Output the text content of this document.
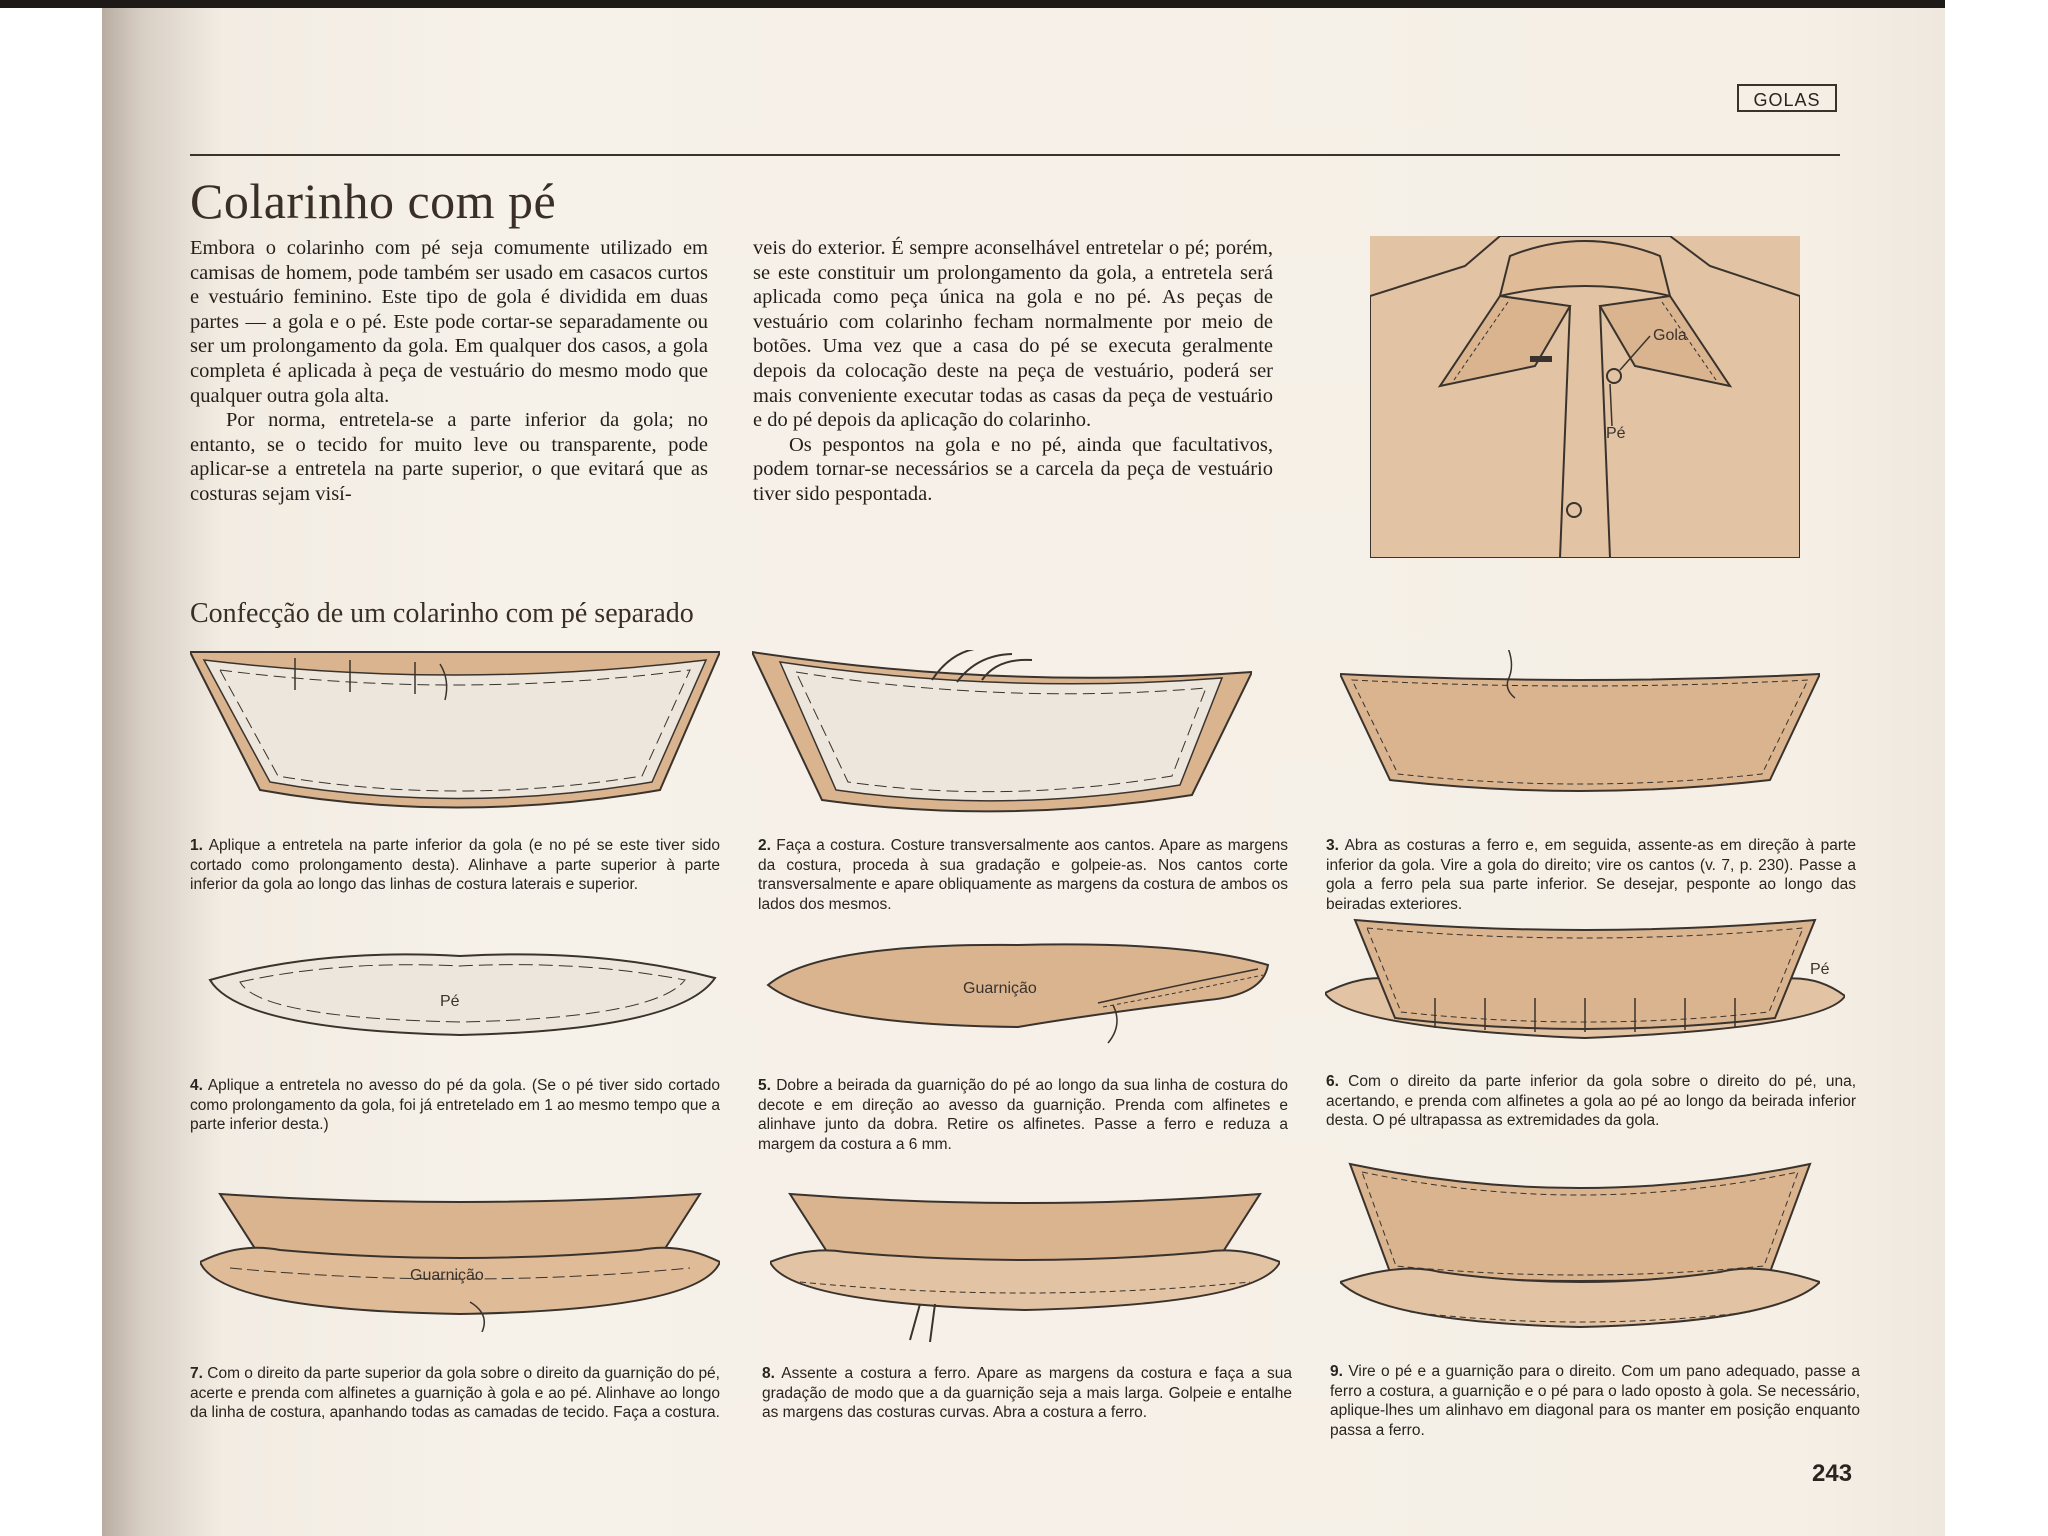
GOLAS
Colarinho com pé

Embora o colarinho com pé seja comumente utilizado em camisas de homem, pode também ser usado em casacos curtos e vestuário feminino. Este tipo de gola é dividida em duas partes — a gola e o pé. Este pode cortar-se separadamente ou ser um prolongamento da gola. Em qualquer dos casos, a gola completa é aplicada à peça de vestuário do mesmo modo que qualquer outra gola alta.

Por norma, entretela-se a parte inferior da gola; no entanto, se o tecido for muito leve ou transparente, pode aplicar-se a entretela na parte superior, o que evitará que as costuras sejam visí-

veis do exterior. É sempre aconselhável entretelar o pé; porém, se este constituir um prolongamento da gola, a entretela será aplicada como peça única na gola e no pé. As peças de vestuário com colarinho fecham normalmente por meio de botões. Uma vez que a casa do pé se executa geralmente depois da colocação deste na peça de vestuário, poderá ser mais conveniente executar todas as casas da peça de vestuário e do pé depois da aplicação do colarinho.

Os pespontos na gola e no pé, ainda que facultativos, podem tornar-se necessários se a carcela da peça de vestuário tiver sido pespontada.

Gola
Pé
Confecção de um colarinho com pé separado
1. Aplique a entretela na parte inferior da gola (e no pé se este tiver sido cortado como prolongamento desta). Alinhave a parte superior à parte inferior da gola ao longo das linhas de costura laterais e superior.
2. Faça a costura. Costure transversalmente aos cantos. Apare as margens da costura, proceda à sua gradação e golpeie-as. Nos cantos corte transversalmente e apare obliquamente as margens da costura de ambos os lados dos mesmos.
3. Abra as costuras a ferro e, em seguida, assente-as em direção à parte inferior da gola. Vire a gola do direito; vire os cantos (v. 7, p. 230). Passe a gola a ferro pela sua parte inferior. Se desejar, pesponte ao longo das beiradas exteriores.
Pé
Guarnição
Pé
4. Aplique a entretela no avesso do pé da gola. (Se o pé tiver sido cortado como prolongamento da gola, foi já entretelado em 1 ao mesmo tempo que a parte inferior desta.)
5. Dobre a beirada da guarnição do pé ao longo da sua linha de costura do decote e em direção ao avesso da guarnição. Prenda com alfinetes e alinhave junto da dobra. Retire os alfinetes. Passe a ferro e reduza a margem da costura a 6 mm.
6. Com o direito da parte inferior da gola sobre o direito do pé, una, acertando, e prenda com alfinetes a gola ao pé ao longo da beirada inferior desta. O pé ultrapassa as extremidades da gola.
Guarnição
7. Com o direito da parte superior da gola sobre o direito da guarnição do pé, acerte e prenda com alfinetes a guarnição à gola e ao pé. Alinhave ao longo da linha de costura, apanhando todas as camadas de tecido. Faça a costura.
8. Assente a costura a ferro. Apare as margens da costura e faça a sua gradação de modo que a da guarnição seja a mais larga. Golpeie e entalhe as margens das costuras curvas. Abra a costura a ferro.
9. Vire o pé e a guarnição para o direito. Com um pano adequado, passe a ferro a costura, a guarnição e o pé para o lado oposto à gola. Se necessário, aplique-lhes um alinhavo em diagonal para os manter em posição enquanto passa a ferro.
243
